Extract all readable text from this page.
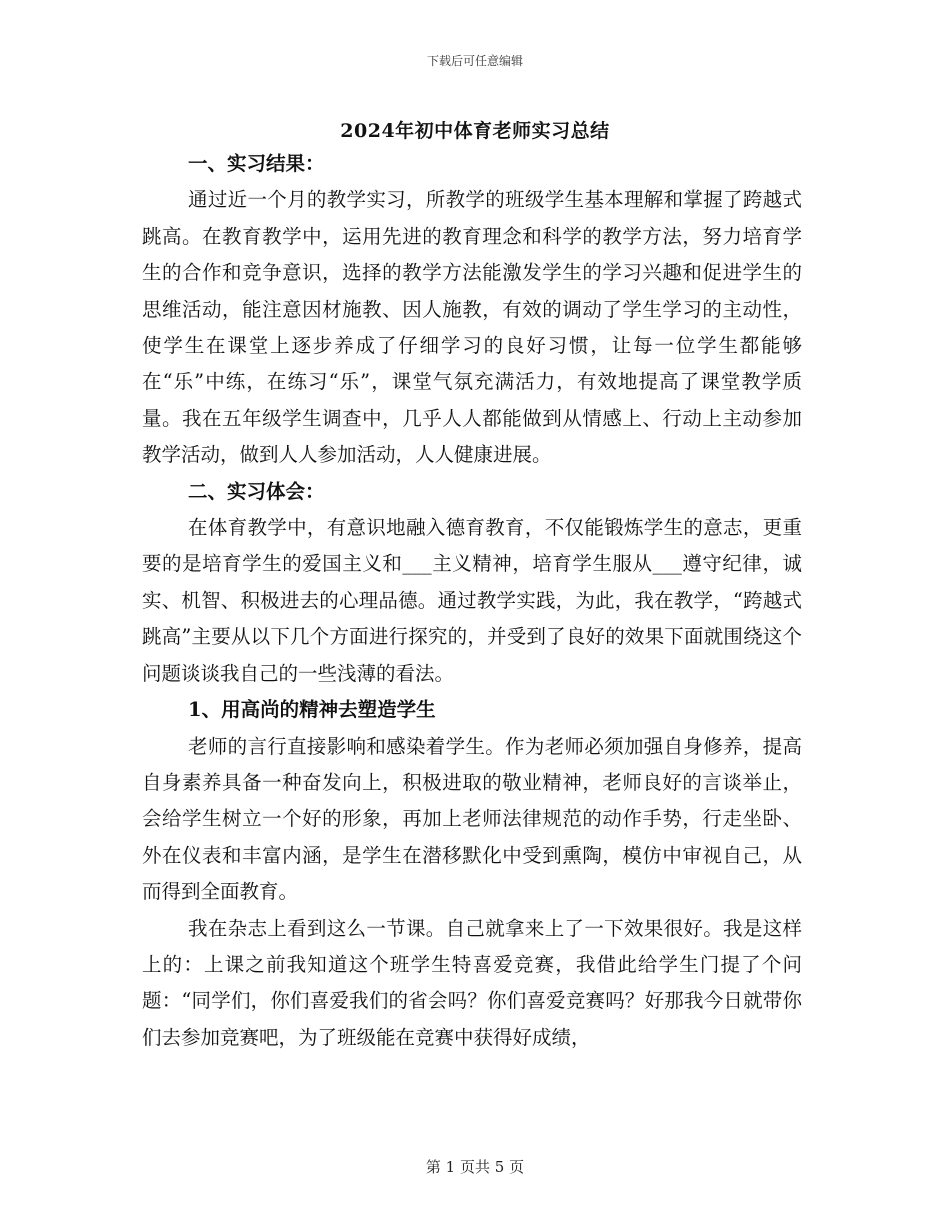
下载后可任意编辑
2024年初中体育老师实习总结

一、实习结果：

通过近一个月的教学实习，所教学的班级学生基本理解和掌握了跨越式跳高。在教育教学中，运用先进的教育理念和科学的教学方法，努力培育学生的合作和竞争意识，选择的教学方法能激发学生的学习兴趣和促进学生的思维活动，能注意因材施教、因人施教，有效的调动了学生学习的主动性，使学生在课堂上逐步养成了仔细学习的良好习惯，让每一位学生都能够在“乐”中练，在练习“乐”，课堂气氛充满活力，有效地提高了课堂教学质量。我在五年级学生调查中，几乎人人都能做到从情感上、行动上主动参加教学活动，做到人人参加活动，人人健康进展。

二、实习体会：

在体育教学中，有意识地融入德育教育，不仅能锻炼学生的意志，更重要的是培育学生的爱国主义和___主义精神，培育学生服从___遵守纪律，诚实、机智、积极进去的心理品德。通过教学实践，为此，我在教学，“跨越式跳高”主要从以下几个方面进行探究的，并受到了良好的效果下面就围绕这个问题谈谈我自己的一些浅薄的看法。

1、用高尚的精神去塑造学生

老师的言行直接影响和感染着学生。作为老师必须加强自身修养，提高自身素养具备一种奋发向上，积极进取的敬业精神，老师良好的言谈举止，会给学生树立一个好的形象，再加上老师法律规范的动作手势，行走坐卧、外在仪表和丰富内涵，是学生在潜移默化中受到熏陶，模仿中审视自己，从而得到全面教育。

我在杂志上看到这么一节课。自己就拿来上了一下效果很好。我是这样上的：上课之前我知道这个班学生特喜爱竞赛，我借此给学生门提了个问题：“同学们，你们喜爱我们的省会吗？你们喜爱竞赛吗？好那我今日就带你们去参加竞赛吧，为了班级能在竞赛中获得好成绩，

第 1 页共 5 页
